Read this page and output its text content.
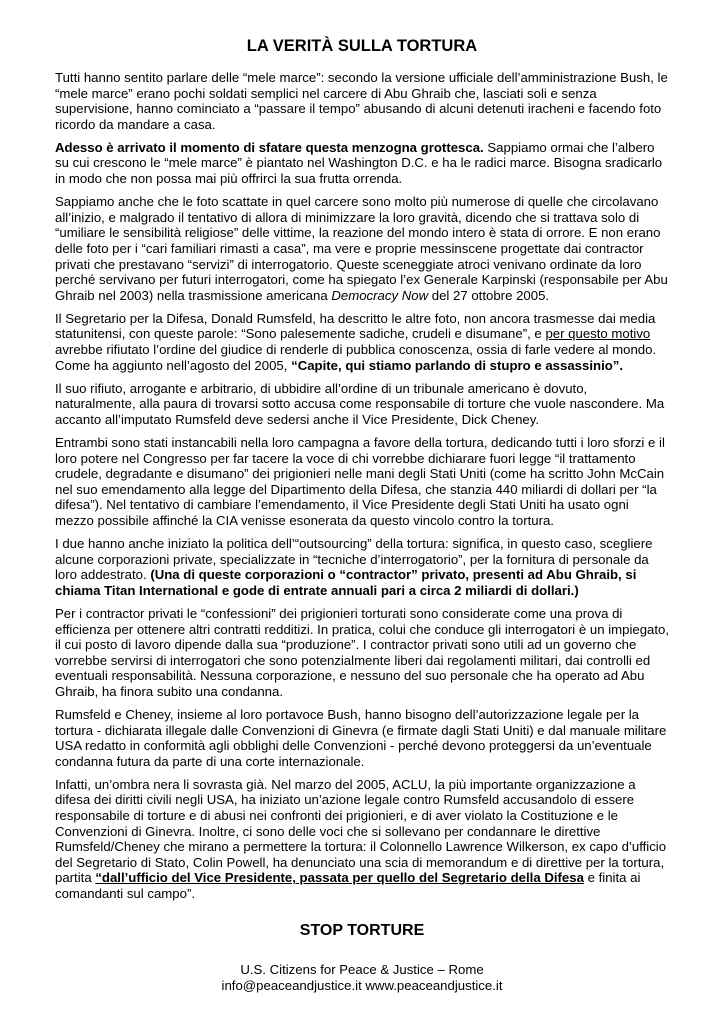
LA VERITÀ SULLA TORTURA

Tutti hanno sentito parlare delle “mele marce”: secondo la versione ufficiale dell’amministrazione Bush, le “mele marce” erano pochi soldati semplici nel carcere di Abu Ghraib che, lasciati soli e senza supervisione, hanno cominciato a “passare il tempo” abusando di alcuni detenuti iracheni e facendo foto ricordo da mandare a casa.

Adesso è arrivato il momento di sfatare questa menzogna grottesca. Sappiamo ormai che l’albero su cui crescono le “mele marce” è piantato nel Washington D.C. e ha le radici marce. Bisogna sradicarlo in modo che non possa mai più offrirci la sua frutta orrenda.

Sappiamo anche che le foto scattate in quel carcere sono molto più numerose di quelle che circolavano all’inizio, e malgrado il tentativo di allora di minimizzare la loro gravità, dicendo che si trattava solo di “umiliare le sensibilità religiose” delle vittime, la reazione del mondo intero è stata di orrore. E non erano delle foto per i “cari familiari rimasti a casa”, ma vere e proprie messinscene progettate dai contractor privati che prestavano “servizi” di interrogatorio. Queste sceneggiate atroci venivano ordinate da loro perché servivano per futuri interrogatori, come ha spiegato l’ex Generale Karpinski (responsabile per Abu Ghraib nel 2003) nella trasmissione americana Democracy Now del 27 ottobre 2005.

Il Segretario per la Difesa, Donald Rumsfeld, ha descritto le altre foto, non ancora trasmesse dai media statunitensi, con queste parole: “Sono palesemente sadiche, crudeli e disumane”, e per questo motivo avrebbe rifiutato l’ordine del giudice di renderle di pubblica conoscenza, ossia di farle vedere al mondo. Come ha aggiunto nell’agosto del 2005, “Capite, qui stiamo parlando di stupro e assassinio”.

Il suo rifiuto, arrogante e arbitrario, di ubbidire all’ordine di un tribunale americano è dovuto, naturalmente, alla paura di trovarsi sotto accusa come responsabile di torture che vuole nascondere. Ma accanto all’imputato Rumsfeld deve sedersi anche il Vice Presidente, Dick Cheney.

Entrambi sono stati instancabili nella loro campagna a favore della tortura, dedicando tutti i loro sforzi e il loro potere nel Congresso per far tacere la voce di chi vorrebbe dichiarare fuori legge “il trattamento crudele, degradante e disumano” dei prigionieri nelle mani degli Stati Uniti (come ha scritto John McCain nel suo emendamento alla legge del Dipartimento della Difesa, che stanzia 440 miliardi di dollari per “la difesa”). Nel tentativo di cambiare l’emendamento, il Vice Presidente degli Stati Uniti ha usato ogni mezzo possibile affinché la CIA venisse esonerata da questo vincolo contro la tortura.

I due hanno anche iniziato la politica dell’“outsourcing” della tortura: significa, in questo caso, scegliere alcune corporazioni private, specializzate in “tecniche d’interrogatorio”, per la fornitura di personale da loro addestrato. (Una di queste corporazioni o “contractor” privato, presenti ad Abu Ghraib, si chiama Titan International e gode di entrate annuali pari a circa 2 miliardi di dollari.)

Per i contractor privati le “confessioni” dei prigionieri torturati sono considerate come una prova di efficienza per ottenere altri contratti redditizi. In pratica, colui che conduce gli interrogatori è un impiegato, il cui posto di lavoro dipende dalla sua “produzione”. I contractor privati sono utili ad un governo che vorrebbe servirsi di interrogatori che sono potenzialmente liberi dai regolamenti militari, dai controlli ed eventuali responsabilità. Nessuna corporazione, e nessuno del suo personale che ha operato ad Abu Ghraib, ha finora subito una condanna.

Rumsfeld e Cheney, insieme al loro portavoce Bush, hanno bisogno dell’autorizzazione legale per la tortura - dichiarata illegale dalle Convenzioni di Ginevra (e firmate dagli Stati Uniti) e dal manuale militare USA redatto in conformità agli obblighi delle Convenzioni - perché devono proteggersi da un’eventuale condanna futura da parte di una corte internazionale.

Infatti, un’ombra nera li sovrasta già. Nel marzo del 2005, ACLU, la più importante organizzazione a difesa dei diritti civili negli USA, ha iniziato un’azione legale contro Rumsfeld accusandolo di essere responsabile di torture e di abusi nei confronti dei prigionieri, e di aver violato la Costituzione e le Convenzioni di Ginevra. Inoltre, ci sono delle voci che si sollevano per condannare le direttive Rumsfeld/Cheney che mirano a permettere la tortura: il Colonnello Lawrence Wilkerson, ex capo d’ufficio del Segretario di Stato, Colin Powell, ha denunciato una scia di memorandum e di direttive per la tortura, partita “dall’ufficio del Vice Presidente, passata per quello del Segretario della Difesa e finita ai comandanti sul campo”.

STOP TORTURE
U.S. Citizens for Peace & Justice – Rome
info@peaceandjustice.it www.peaceandjustice.it
